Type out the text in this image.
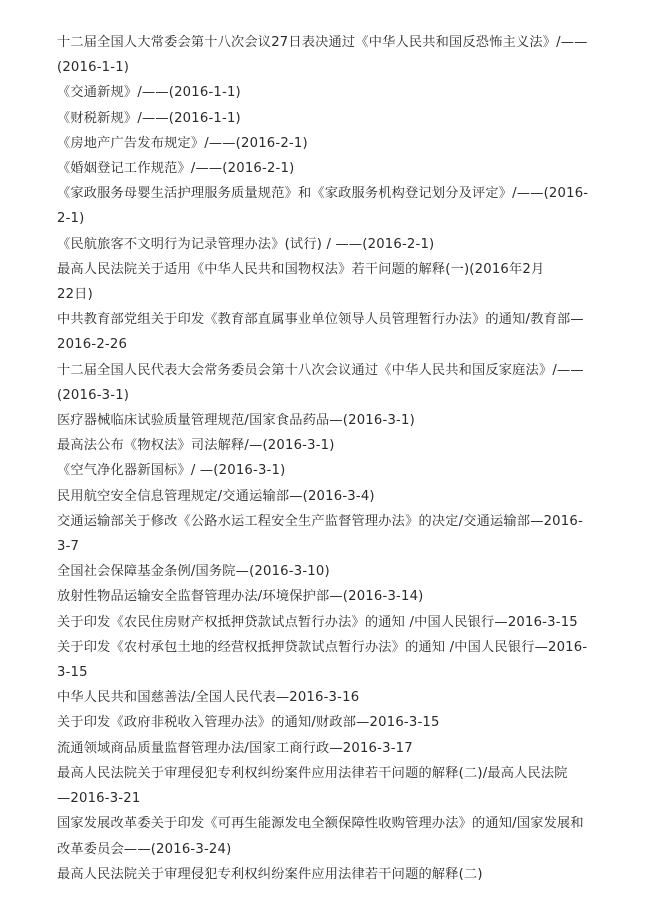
十二届全国人大常委会第十八次会议27日表决通过《中华人民共和国反恐怖主义法》/——
(2016-1-1)
《交通新规》/——(2016-1-1)
《财税新规》/——(2016-1-1)
《房地产广告发布规定》/——(2016-2-1)
《婚姻登记工作规范》/——(2016-2-1)
《家政服务母婴生活护理服务质量规范》和《家政服务机构登记划分及评定》/——(2016-
2-1)
《民航旅客不文明行为记录管理办法》(试行) / ——(2016-2-1)
最高人民法院关于适用《中华人民共和国物权法》若干问题的解释(一)(2016年2月
22日)
中共教育部党组关于印发《教育部直属事业单位领导人员管理暂行办法》的通知/教育部—
2016-2-26
十二届全国人民代表大会常务委员会第十八次会议通过《中华人民共和国反家庭法》/——
(2016-3-1)
医疗器械临床试验质量管理规范/国家食品药品—(2016-3-1)
最高法公布《物权法》司法解释/—(2016-3-1)
《空气净化器新国标》/ —(2016-3-1)
民用航空安全信息管理规定/交通运输部—(2016-3-4)
交通运输部关于修改《公路水运工程安全生产监督管理办法》的决定/交通运输部—2016-
3-7
全国社会保障基金条例/国务院—(2016-3-10)
放射性物品运输安全监督管理办法/环境保护部—(2016-3-14)
关于印发《农民住房财产权抵押贷款试点暂行办法》的通知 /中国人民银行—2016-3-15
关于印发《农村承包土地的经营权抵押贷款试点暂行办法》的通知 /中国人民银行—2016-
3-15
中华人民共和国慈善法/全国人民代表—2016-3-16
关于印发《政府非税收入管理办法》的通知/财政部—2016-3-15
流通领域商品质量监督管理办法/国家工商行政—2016-3-17
最高人民法院关于审理侵犯专利权纠纷案件应用法律若干问题的解释(二)/最高人民法院
—2016-3-21
国家发展改革委关于印发《可再生能源发电全额保障性收购管理办法》的通知/国家发展和
改革委员会——(2016-3-24)
最高人民法院关于审理侵犯专利权纠纷案件应用法律若干问题的解释(二)
